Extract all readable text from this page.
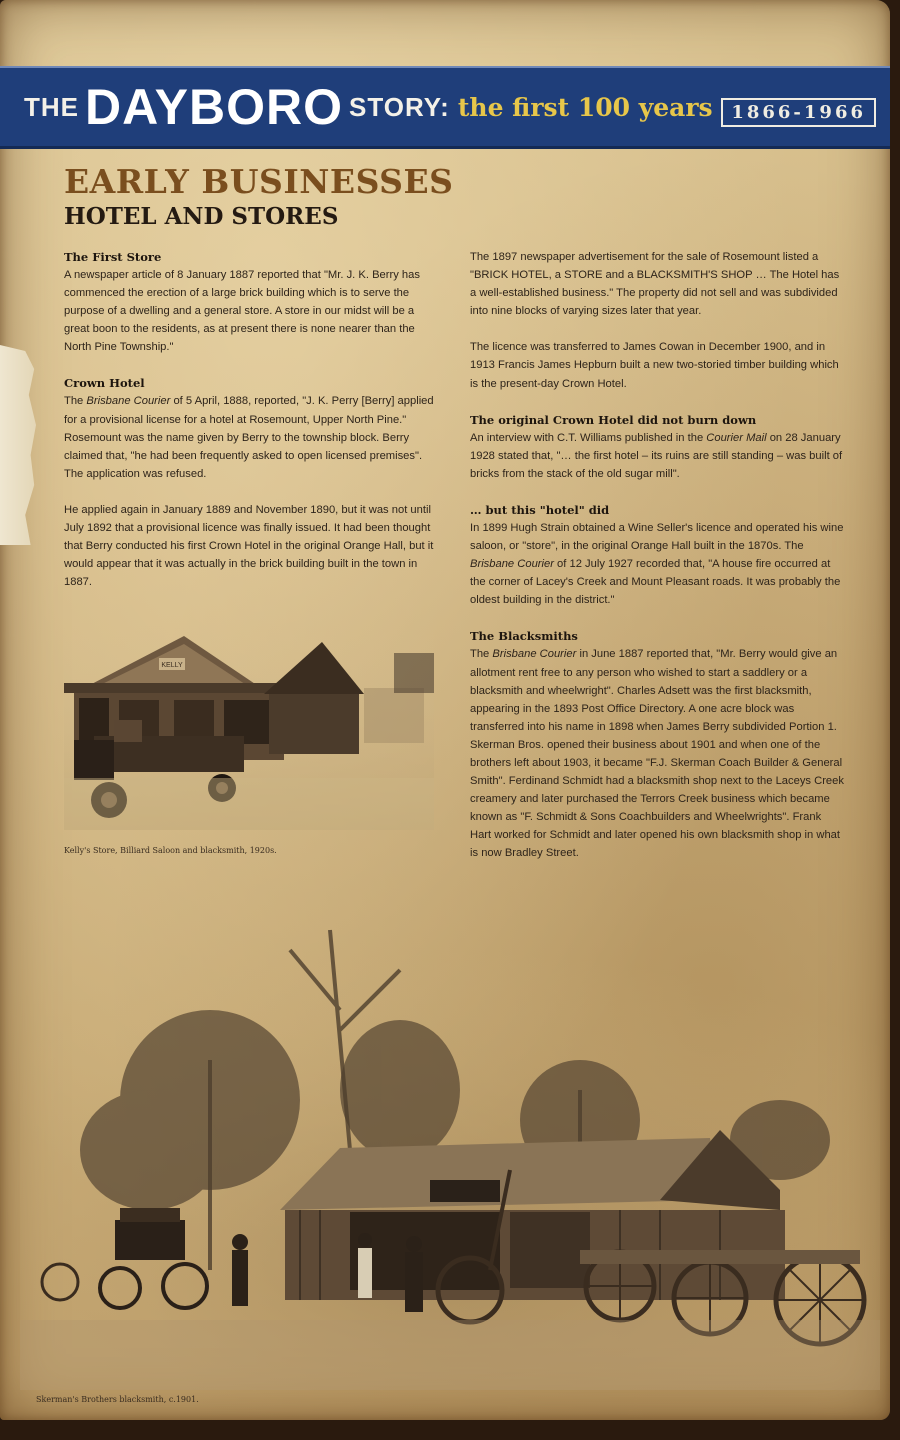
THE DAYBORO STORY: the first 100 years	1866-1966
EARLY BUSINESSES
HOTEL AND STORES
The First Store

A newspaper article of 8 January 1887 reported that "Mr. J. K. Berry has commenced the erection of a large brick building which is to serve the purpose of a dwelling and a general store. A store in our midst will be a great boon to the residents, as at present there is none nearer than the North Pine Township."

Crown Hotel

The Brisbane Courier of 5 April, 1888, reported, "J. K. Perry [Berry] applied for a provisional license for a hotel at Rosemount, Upper North Pine." Rosemount was the name given by Berry to the township block. Berry claimed that, "he had been frequently asked to open licensed premises". The application was refused.

He applied again in January 1889 and November 1890, but it was not until July 1892 that a provisional licence was finally issued. It had been thought that Berry conducted his first Crown Hotel in the original Orange Hall, but it would appear that it was actually in the brick building built in the town in 1887.

The 1897 newspaper advertisement for the sale of Rosemount listed a "BRICK HOTEL, a STORE and a BLACKSMITH'S SHOP … The Hotel has a well-established business." The property did not sell and was subdivided into nine blocks of varying sizes later that year.

The licence was transferred to James Cowan in December 1900, and in 1913 Francis James Hepburn built a new two-storied timber building which is the present-day Crown Hotel.

The original Crown Hotel did not burn down

An interview with C.T. Williams published in the Courier Mail on 28 January 1928 stated that, "… the first hotel – its ruins are still standing – was built of bricks from the stack of the old sugar mill".

… but this "hotel" did

In 1899 Hugh Strain obtained a Wine Seller's licence and operated his wine saloon, or "store", in the original Orange Hall built in the 1870s. The Brisbane Courier of 12 July 1927 recorded that, "A house fire occurred at the corner of Lacey's Creek and Mount Pleasant roads. It was probably the oldest building in the district."

The Blacksmiths

The Brisbane Courier in June 1887 reported that, "Mr. Berry would give an allotment rent free to any person who wished to start a saddlery or a blacksmith and wheelwright". Charles Adsett was the first blacksmith, appearing in the 1893 Post Office Directory. A one acre block was transferred into his name in 1898 when James Berry subdivided Portion 1. Skerman Bros. opened their business about 1901 and when one of the brothers left about 1903, it became "F.J. Skerman Coach Builder & General Smith". Ferdinand Schmidt had a blacksmith shop next to the Laceys Creek creamery and later purchased the Terrors Creek business which became known as "F. Schmidt & Sons Coachbuilders and Wheelwrights". Frank Hart worked for Schmidt and later opened his own blacksmith shop in what is now Bradley Street.

KELLY
Kelly's Store, Billiard Saloon and blacksmith, 1920s.
Skerman's Brothers blacksmith, c.1901.
